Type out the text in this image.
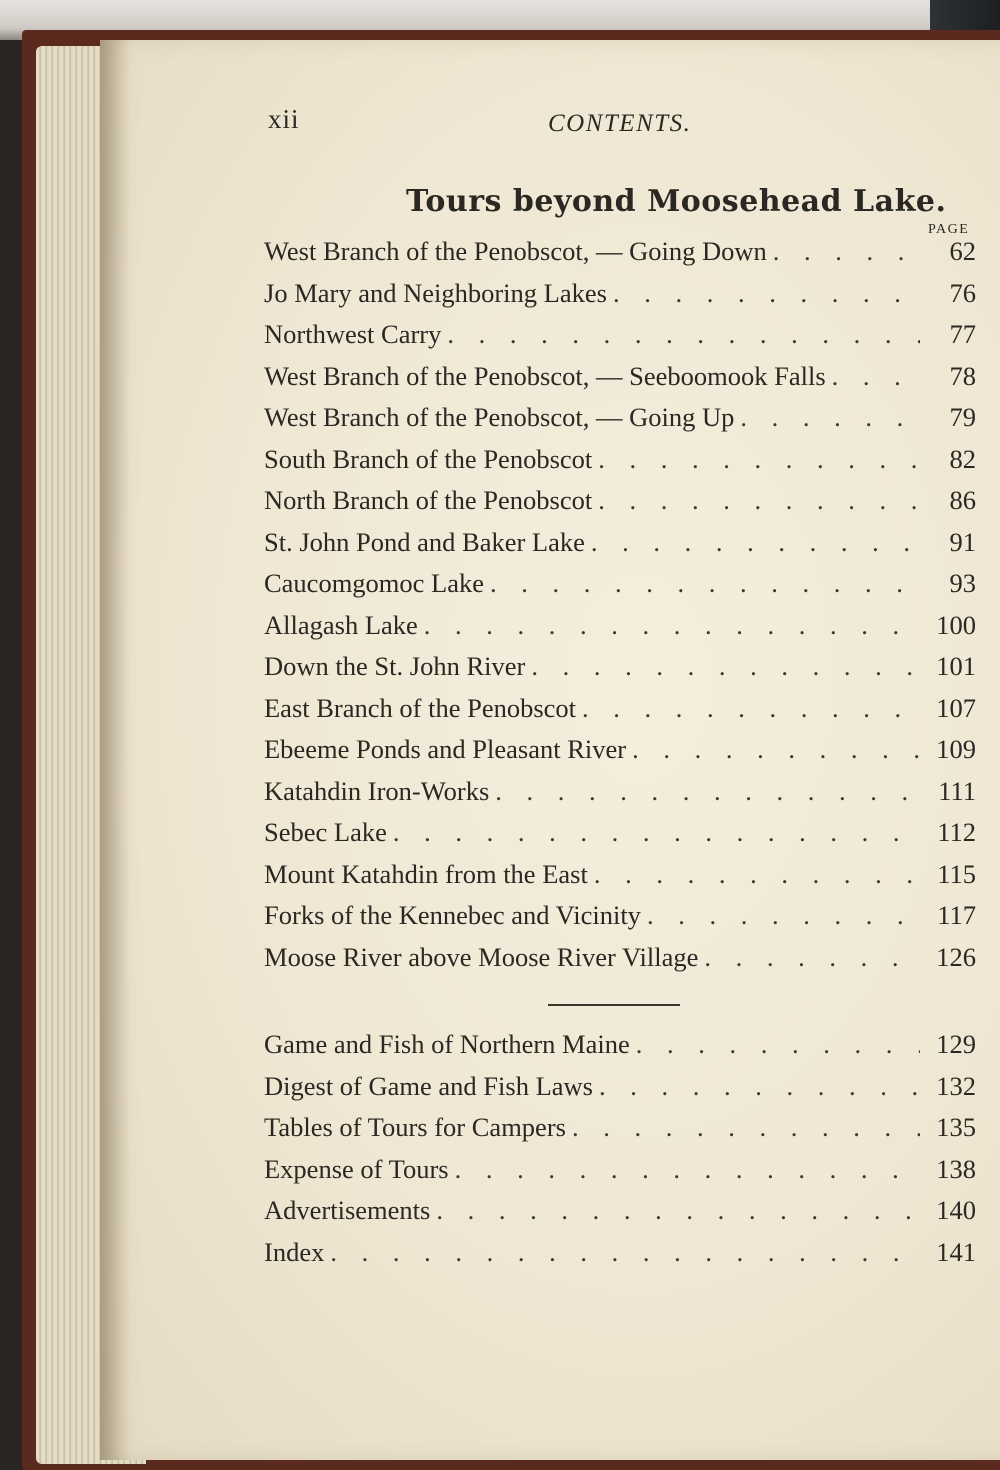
xii	CONTENTS.
Tours beyond Moosehead Lake.
PAGE
West Branch of the Penobscot, — Going Down . . .	62
Jo Mary and Neighboring Lakes . . .	76
Northwest Carry . . .	77
West Branch of the Penobscot, — Seeboomook Falls . . .	78
West Branch of the Penobscot, — Going Up . . .	79
South Branch of the Penobscot . . .	82
North Branch of the Penobscot . . .	86
St. John Pond and Baker Lake . . .	91
Caucomgomoc Lake . . .	93
Allagash Lake . . .	100
Down the St. John River . . .	101
East Branch of the Penobscot . . .	107
Ebeeme Ponds and Pleasant River . . .	109
Katahdin Iron-Works . . .	111
Sebec Lake . . .	112
Mount Katahdin from the East . . .	115
Forks of the Kennebec and Vicinity . . .	117
Moose River above Moose River Village . . .	126
Game and Fish of Northern Maine . . .	129
Digest of Game and Fish Laws . . .	132
Tables of Tours for Campers . . .	135
Expense of Tours . . .	138
Advertisements . . .	140
Index . . .	141
